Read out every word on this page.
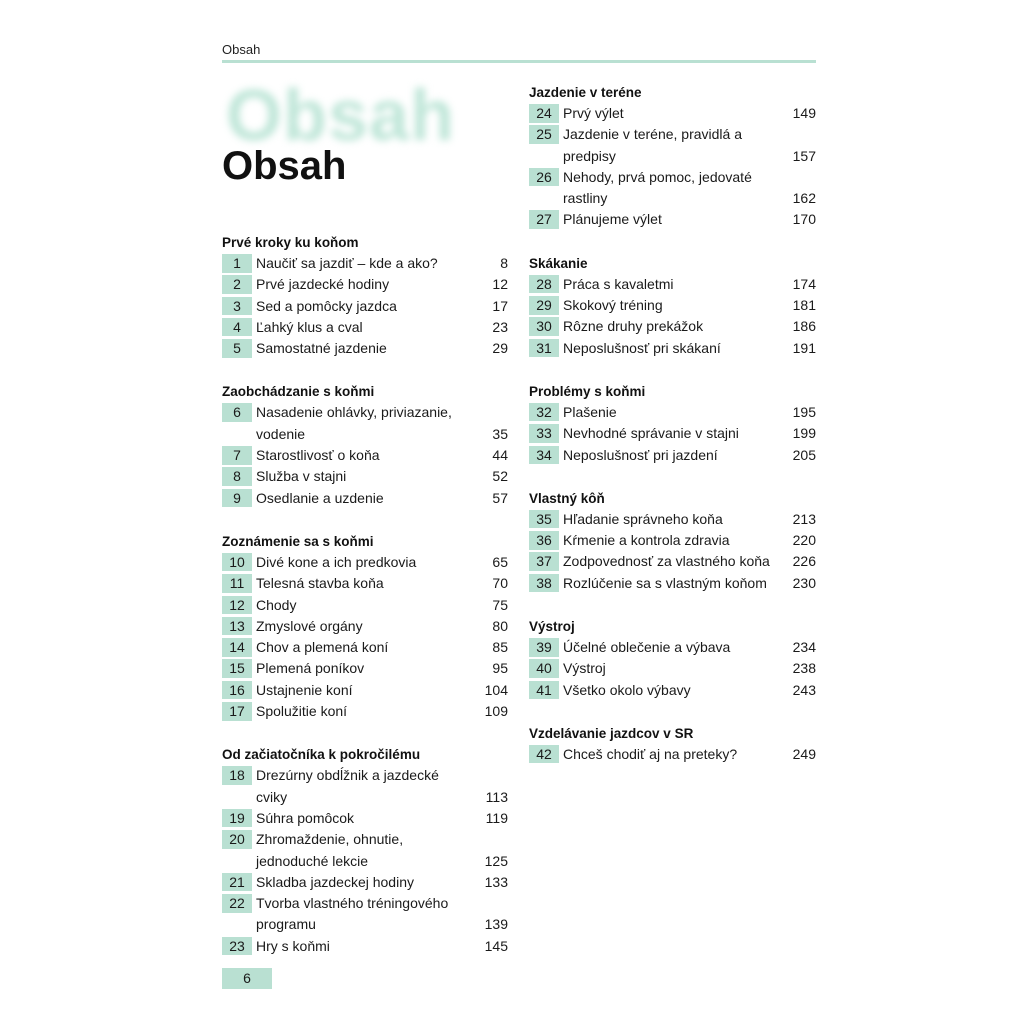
Obsah
Obsah
Obsah
Prvé kroky ku koňom
1	Naučiť sa jazdiť – kde a ako?	8
2	Prvé jazdecké hodiny	12
3	Sed a pomôcky jazdca	17
4	Ľahký klus a cval	23
5	Samostatné jazdenie	29
Zaobchádzanie s koňmi
6	Nasadenie ohlávky, priviazanie, vodenie	35
7	Starostlivosť o koňa	44
8	Služba v stajni	52
9	Osedlanie a uzdenie	57
Zoznámenie sa s koňmi
10 Divé kone a ich predkovia	65
11 Telesná stavba koňa	70
12 Chody	75
13 Zmyslové orgány	80
14 Chov a plemená koní	85
15 Plemená poníkov	95
16 Ustajnenie koní	104
17 Spolužitie koní	109
Od začiatočníka k pokročilému
18 Drezúrny obdĺžnik a jazdecké cviky	113
19 Súhra pomôcok	119
20 Zhromaždenie, ohnutie, jednoduché lekcie	125
21 Skladba jazdeckej hodiny	133
22 Tvorba vlastného tréningového programu	139
23 Hry s koňmi	145
Jazdenie v teréne
24 Prvý výlet	149
25 Jazdenie v teréne, pravidlá a predpisy	157
26 Nehody, prvá pomoc, jedovaté rastliny	162
27 Plánujeme výlet	170
Skákanie
28 Práca s kavaletmi	174
29 Skokový tréning	181
30 Rôzne druhy prekážok	186
31 Neposlušnosť pri skákaní	191
Problémy s koňmi
32 Plašenie	195
33 Nevhodné správanie v stajni	199
34 Neposlušnosť pri jazdení	205
Vlastný kôň
35 Hľadanie správneho koňa	213
36 Kŕmenie a kontrola zdravia	220
37 Zodpovednosť za vlastného koňa	226
38 Rozlúčenie sa s vlastným koňom	230
Výstroj
39 Účelné oblečenie a výbava	234
40 Výstroj	238
41 Všetko okolo výbavy	243
Vzdelávanie jazdcov v SR
42 Chceš chodiť aj na preteky?	249
6
